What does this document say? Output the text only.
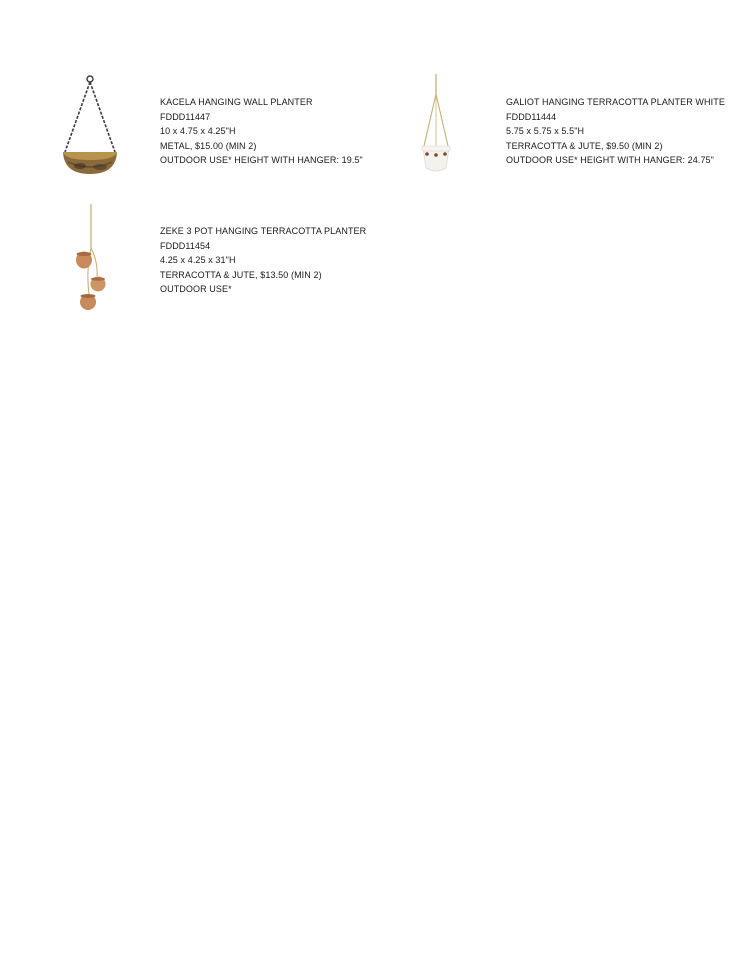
KACELA HANGING WALL PLANTER
FDDD11447
10 x 4.75 x 4.25"H
METAL, $15.00 (MIN 2)
OUTDOOR USE* HEIGHT WITH HANGER: 19.5"
GALIOT HANGING TERRACOTTA PLANTER WHITE
FDDD11444
5.75 x 5.75 x 5.5"H
TERRACOTTA & JUTE, $9.50 (MIN 2)
OUTDOOR USE* HEIGHT WITH HANGER: 24.75"
ZEKE 3 POT HANGING TERRACOTTA PLANTER
FDDD11454
4.25 x 4.25 x 31"H
TERRACOTTA & JUTE, $13.50 (MIN 2)
OUTDOOR USE*
